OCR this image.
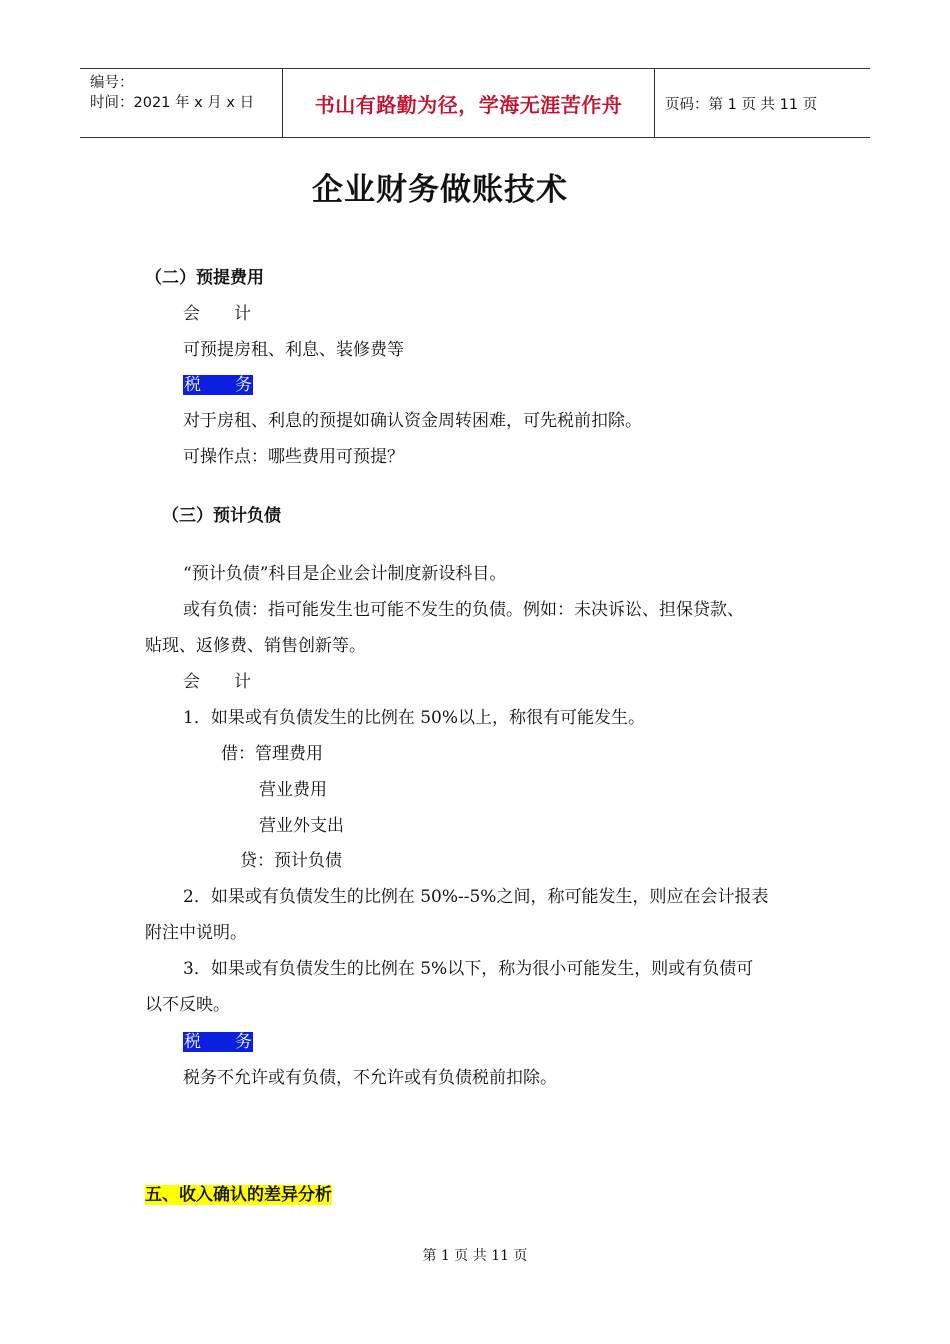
编号：
时间：2021 年 x 月 x 日	书山有路勤为径，学海无涯苦作舟	页码：第 1 页 共 11 页
企业财务做账技术
（二）预提费用
会　　计
可预提房租、利息、装修费等
税　　务
对于房租、利息的预提如确认资金周转困难，可先税前扣除。
可操作点：哪些费用可预提？
（三）预计负债
“预计负债”科目是企业会计制度新设科目。
或有负债：指可能发生也可能不发生的负债。例如：未决诉讼、担保贷款、
贴现、返修费、销售创新等。
会　　计
1．如果或有负债发生的比例在 50%以上，称很有可能发生。
借：管理费用
营业费用
营业外支出
贷：预计负债
2．如果或有负债发生的比例在 50%--5%之间，称可能发生，则应在会计报表
附注中说明。
3．如果或有负债发生的比例在 5%以下，称为很小可能发生，则或有负债可
以不反映。
税　　务
税务不允许或有负债，不允许或有负债税前扣除。
五、收入确认的差异分析
第 1 页 共 11 页
